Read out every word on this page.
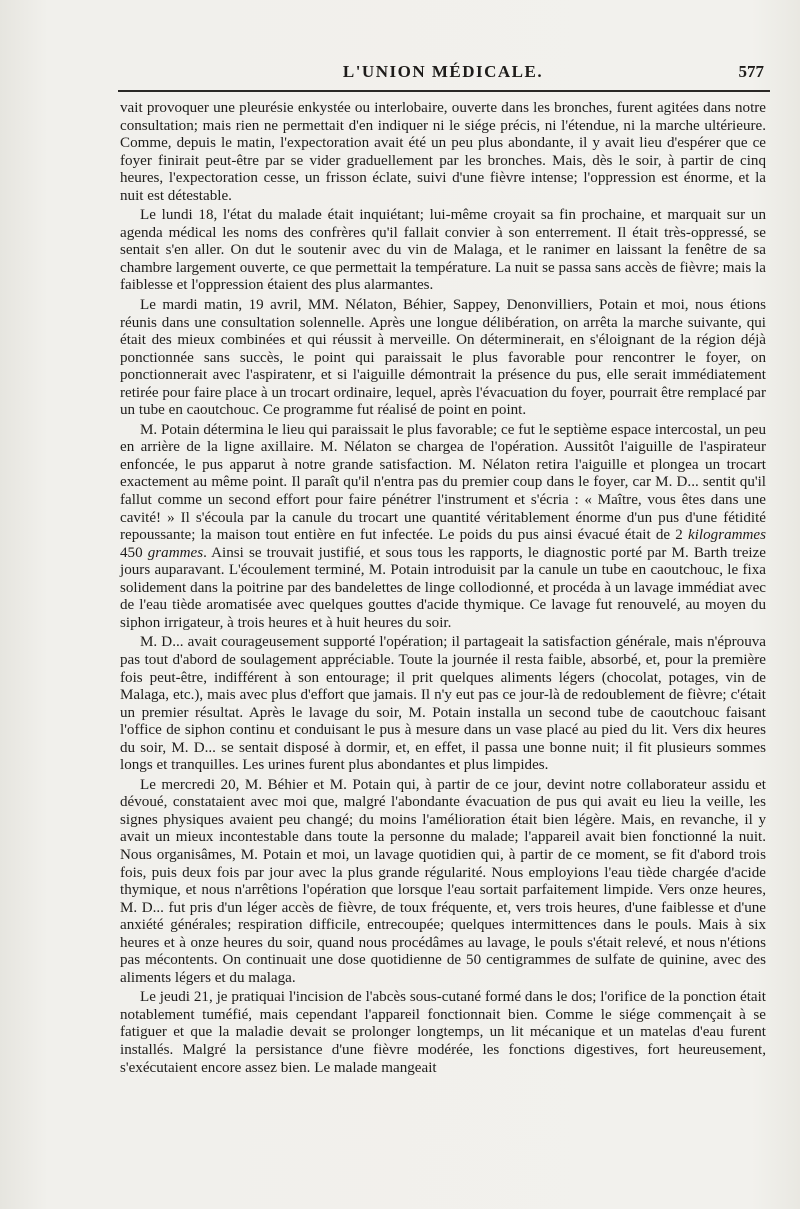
L'UNION MÉDICALE.	577

vait provoquer une pleurésie enkystée ou interlobaire, ouverte dans les bronches, furent agitées dans notre consultation; mais rien ne permettait d'en indiquer ni le siége précis, ni l'étendue, ni la marche ultérieure. Comme, depuis le matin, l'expectoration avait été un peu plus abondante, il y avait lieu d'espérer que ce foyer finirait peut-être par se vider graduellement par les bronches. Mais, dès le soir, à partir de cinq heures, l'expectoration cesse, un frisson éclate, suivi d'une fièvre intense; l'oppression est énorme, et la nuit est détestable.

Le lundi 18, l'état du malade était inquiétant; lui-même croyait sa fin prochaine, et marquait sur un agenda médical les noms des confrères qu'il fallait convier à son enterrement. Il était très-oppressé, se sentait s'en aller. On dut le soutenir avec du vin de Malaga, et le ranimer en laissant la fenêtre de sa chambre largement ouverte, ce que permettait la température. La nuit se passa sans accès de fièvre; mais la faiblesse et l'oppression étaient des plus alarmantes.

Le mardi matin, 19 avril, MM. Nélaton, Béhier, Sappey, Denonvilliers, Potain et moi, nous étions réunis dans une consultation solennelle. Après une longue délibération, on arrêta la marche suivante, qui était des mieux combinées et qui réussit à merveille. On déterminerait, en s'éloignant de la région déjà ponctionnée sans succès, le point qui paraissait le plus favorable pour rencontrer le foyer, on ponctionnerait avec l'aspiratenr, et si l'aiguille démontrait la présence du pus, elle serait immédiatement retirée pour faire place à un trocart ordinaire, lequel, après l'évacuation du foyer, pourrait être remplacé par un tube en caoutchouc. Ce programme fut réalisé de point en point.

M. Potain détermina le lieu qui paraissait le plus favorable; ce fut le septième espace intercostal, un peu en arrière de la ligne axillaire. M. Nélaton se chargea de l'opération. Aussitôt l'aiguille de l'aspirateur enfoncée, le pus apparut à notre grande satisfaction. M. Nélaton retira l'aiguille et plongea un trocart exactement au même point. Il paraît qu'il n'entra pas du premier coup dans le foyer, car M. D... sentit qu'il fallut comme un second effort pour faire pénétrer l'instrument et s'écria : « Maître, vous êtes dans une cavité! » Il s'écoula par la canule du trocart une quantité véritablement énorme d'un pus d'une fétidité repoussante; la maison tout entière en fut infectée. Le poids du pus ainsi évacué était de 2 kilogrammes 450 grammes. Ainsi se trouvait justifié, et sous tous les rapports, le diagnostic porté par M. Barth treize jours auparavant. L'écoulement terminé, M. Potain introduisit par la canule un tube en caoutchouc, le fixa solidement dans la poitrine par des bandelettes de linge collodionné, et procéda à un lavage immédiat avec de l'eau tiède aromatisée avec quelques gouttes d'acide thymique. Ce lavage fut renouvelé, au moyen du siphon irrigateur, à trois heures et à huit heures du soir.

M. D... avait courageusement supporté l'opération; il partageait la satisfaction générale, mais n'éprouva pas tout d'abord de soulagement appréciable. Toute la journée il resta faible, absorbé, et, pour la première fois peut-être, indifférent à son entourage; il prit quelques aliments légers (chocolat, potages, vin de Malaga, etc.), mais avec plus d'effort que jamais. Il n'y eut pas ce jour-là de redoublement de fièvre; c'était un premier résultat. Après le lavage du soir, M. Potain installa un second tube de caoutchouc faisant l'office de siphon continu et conduisant le pus à mesure dans un vase placé au pied du lit. Vers dix heures du soir, M. D... se sentait disposé à dormir, et, en effet, il passa une bonne nuit; il fit plusieurs sommes longs et tranquilles. Les urines furent plus abondantes et plus limpides.

Le mercredi 20, M. Béhier et M. Potain qui, à partir de ce jour, devint notre collaborateur assidu et dévoué, constataient avec moi que, malgré l'abondante évacuation de pus qui avait eu lieu la veille, les signes physiques avaient peu changé; du moins l'amélioration était bien légère. Mais, en revanche, il y avait un mieux incontestable dans toute la personne du malade; l'appareil avait bien fonctionné la nuit. Nous organisâmes, M. Potain et moi, un lavage quotidien qui, à partir de ce moment, se fit d'abord trois fois, puis deux fois par jour avec la plus grande régularité. Nous employions l'eau tiède chargée d'acide thymique, et nous n'arrêtions l'opération que lorsque l'eau sortait parfaitement limpide. Vers onze heures, M. D... fut pris d'un léger accès de fièvre, de toux fréquente, et, vers trois heures, d'une faiblesse et d'une anxiété générales; respiration difficile, entrecoupée; quelques intermittences dans le pouls. Mais à six heures et à onze heures du soir, quand nous procédâmes au lavage, le pouls s'était relevé, et nous n'étions pas mécontents. On continuait une dose quotidienne de 50 centigrammes de sulfate de quinine, avec des aliments légers et du malaga.

Le jeudi 21, je pratiquai l'incision de l'abcès sous-cutané formé dans le dos; l'orifice de la ponction était notablement tuméfié, mais cependant l'appareil fonctionnait bien. Comme le siége commençait à se fatiguer et que la maladie devait se prolonger longtemps, un lit mécanique et un matelas d'eau furent installés. Malgré la persistance d'une fièvre modérée, les fonctions digestives, fort heureusement, s'exécutaient encore assez bien. Le malade mangeait
